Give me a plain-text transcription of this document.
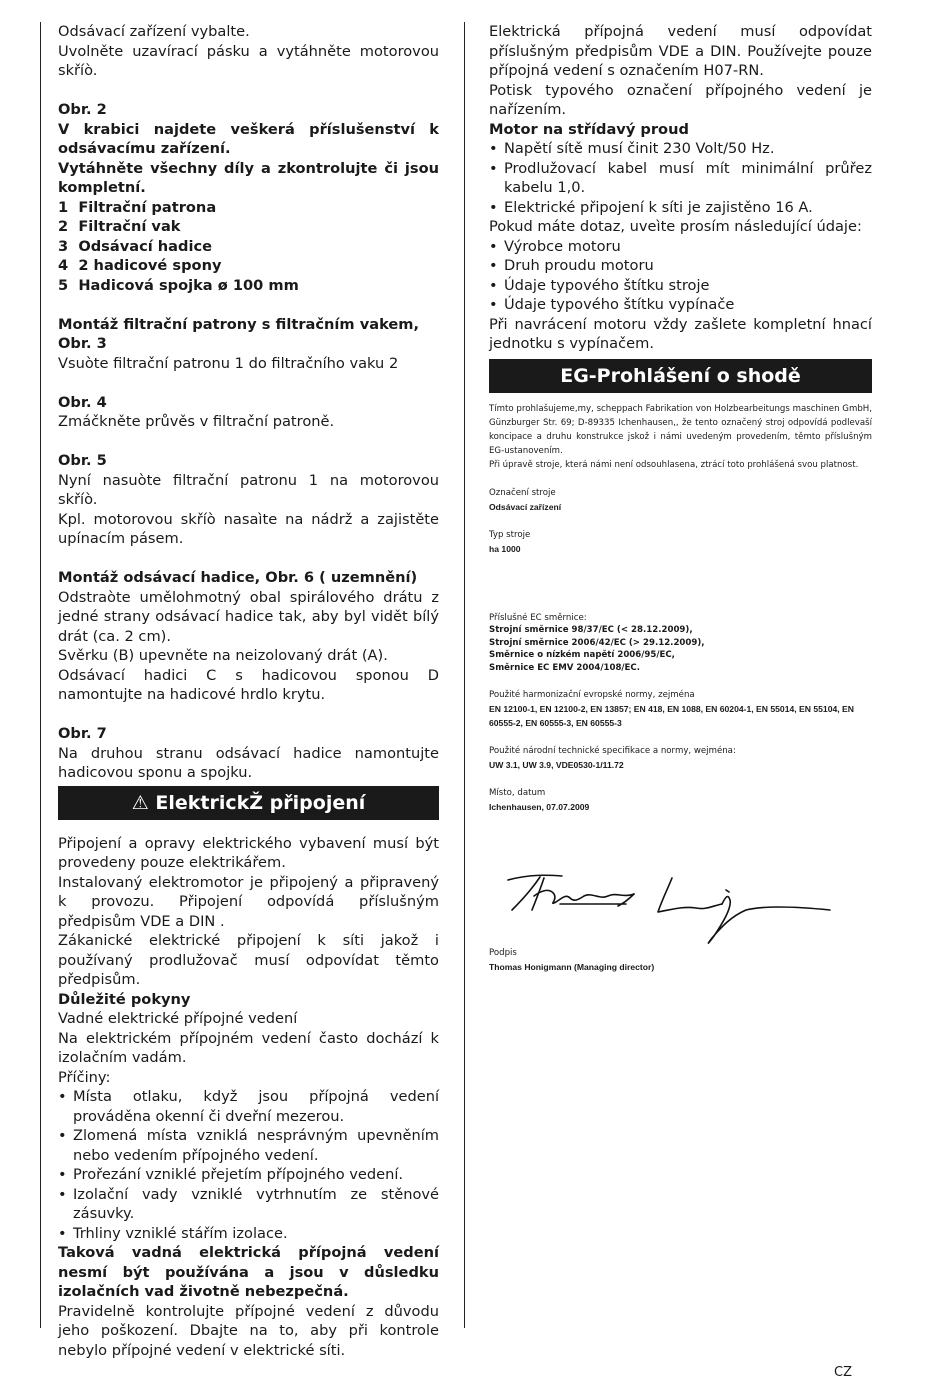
Odsávací zařízení vybalte.

Uvolněte uzavírací pásku a vytáhněte motorovou skříò.

Obr. 2

V krabici najdete veškerá příslušenství k odsávacímu zařízení.

Vytáhněte všechny díly a zkontrolujte či jsou kompletní.

1  Filtrační patrona

2  Filtrační vak

3  Odsávací hadice

4  2 hadicové spony

5  Hadicová spojka ø 100 mm

Montáž filtrační patrony s filtračním vakem, Obr. 3

Vsuòte filtrační patronu 1 do filtračního vaku 2

Obr. 4

Zmáčkněte průvěs v filtrační patroně.

Obr. 5

Nyní nasuòte filtrační patronu 1 na motorovou skříò.

Kpl. motorovou skříò nasaìte na nádrž a zajistěte upínacím pásem.

Montáž odsávací hadice, Obr. 6 ( uzemnění)

Odstraòte umělohmotný obal spirálového drátu z jedné strany odsávací hadice tak, aby byl vidět bílý drát (ca. 2 cm).

Svěrku (B) upevněte na neizolovaný drát (A).

Odsávací hadici C s hadicovou sponou D namontujte na hadicové hrdlo krytu.

Obr. 7

Na druhou stranu odsávací hadice namontujte hadicovou sponu a spojku.

⚠ ElektrickŽ připojení

Připojení a opravy elektrického vybavení musí být provedeny pouze elektrikářem.

Instalovaný elektromotor je připojený a připravený k provozu. Připojení odpovídá příslušným předpisům VDE a DIN .

Zákanické elektrické připojení k síti jakož i používaný prodlužovač musí odpovídat těmto předpisům.

Důležité pokyny

Vadné elektrické přípojné vedení

Na elektrickém přípojném vedení často dochází k izolačním vadám.

Příčiny:

• Místa otlaku, když jsou přípojná vedení prováděna okenní či dveřní mezerou.

• Zlomená místa vzniklá nesprávným upevněním nebo vedením přípojného vedení.

• Prořezání vzniklé přejetím přípojného vedení.

• Izolační vady vzniklé vytrhnutím ze stěnové zásuvky.

• Trhliny vzniklé stářím izolace.

Taková vadná elektrická přípojná vedení nesmí být používána a jsou v důsledku izolačních vad životně nebezpečná.

Pravidelně kontrolujte přípojné vedení z důvodu jeho poškození. Dbajte na to, aby při kontrole nebylo přípojné vedení v elektrické síti.

Elektrická přípojná vedení musí odpovídat příslušným předpisům VDE a DIN. Používejte pouze přípojná vedení s označením H07-RN.

Potisk typového označení přípojného vedení je nařízením.

Motor na střídavý proud

• Napětí sítě musí činit 230 Volt/50 Hz.

• Prodlužovací kabel musí mít minimální průřez kabelu 1,0.

• Elektrické připojení k síti je zajistěno 16 A.

Pokud máte dotaz, uveìte prosím následující údaje:

• Výrobce motoru

• Druh proudu motoru

• Údaje typového štítku stroje

• Údaje typového štítku vypínače

Při navrácení motoru vždy zašlete kompletní hnací jednotku s vypínačem.

EG-Prohlášení o shodě

Tímto prohlašujeme,my, scheppach Fabrikation von Holzbearbeitungs maschinen GmbH, Günzburger Str. 69; D-89335 Ichenhausen,, že tento označený stroj odpovídá podlevaší koncipace a druhu konstrukce jskož i námi uvedeným provedením, těmto příslušným EG-ustanovením.

Při úpravě stroje, která námi není odsouhlasena, ztrácí toto prohlášená svou platnost.

Označení stroje

Odsávací zařízení

Typ stroje

ha 1000

Příslušné EC směrnice:

Strojní směrnice 98/37/EC (< 28.12.2009),

Strojní směrnice 2006/42/EC (> 29.12.2009),

Směrnice o nízkém napětí 2006/95/EC,

Směrnice EC EMV 2004/108/EC.

Použité harmonizační evropské normy, zejména

EN 12100-1, EN 12100-2, EN 13857; EN 418, EN 1088, EN 60204-1, EN 55014, EN 55104, EN 60555-2, EN 60555-3, EN 60555-3

Použité národní technické specifikace a normy, wejména:

UW 3.1, UW 3.9, VDE0530-1/11.72

Místo, datum

Ichenhausen, 07.07.2009

Podpis

Thomas Honigmann (Managing director)

CZ
